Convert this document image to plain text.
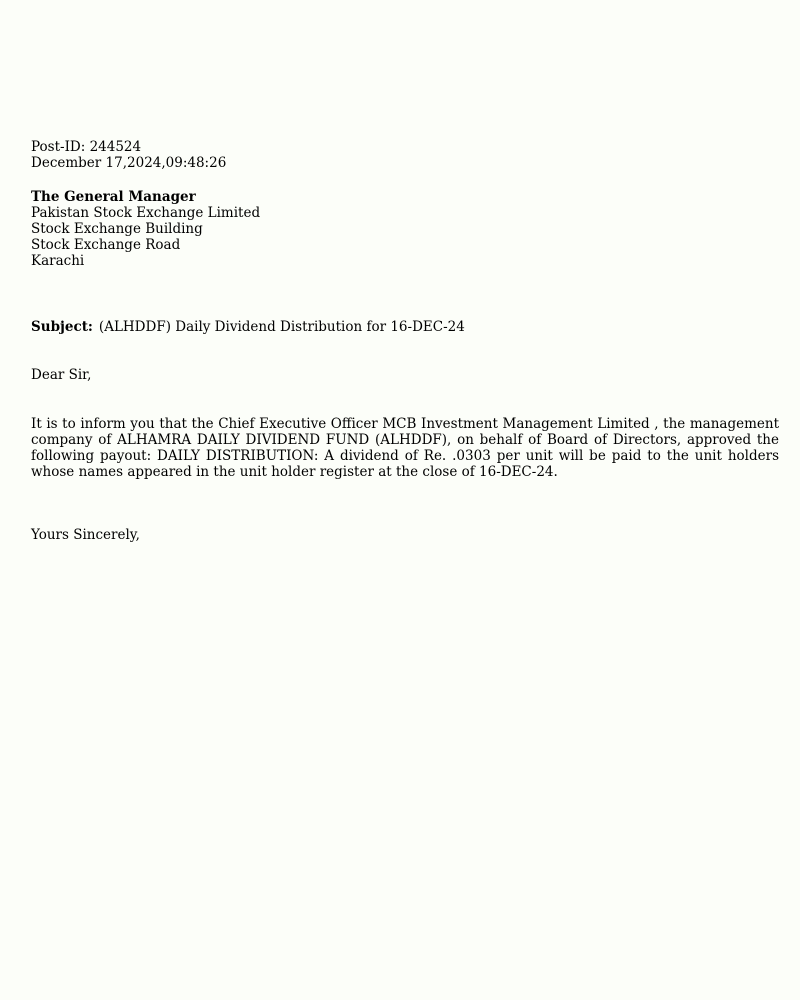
Post-ID: 244524
December 17,2024,09:48:26
The General Manager
Pakistan Stock Exchange Limited
Stock Exchange Building
Stock Exchange Road
Karachi
Subject: (ALHDDF) Daily Dividend Distribution for 16-DEC-24
Dear Sir,
It is to inform you that the Chief Executive Officer MCB Investment Management Limited , the management company of ALHAMRA DAILY DIVIDEND FUND (ALHDDF), on behalf of Board of Directors, approved the following payout: DAILY DISTRIBUTION: A dividend of Re. .0303 per unit will be paid to the unit holders whose names appeared in the unit holder register at the close of 16-DEC-24.
Yours Sincerely,
